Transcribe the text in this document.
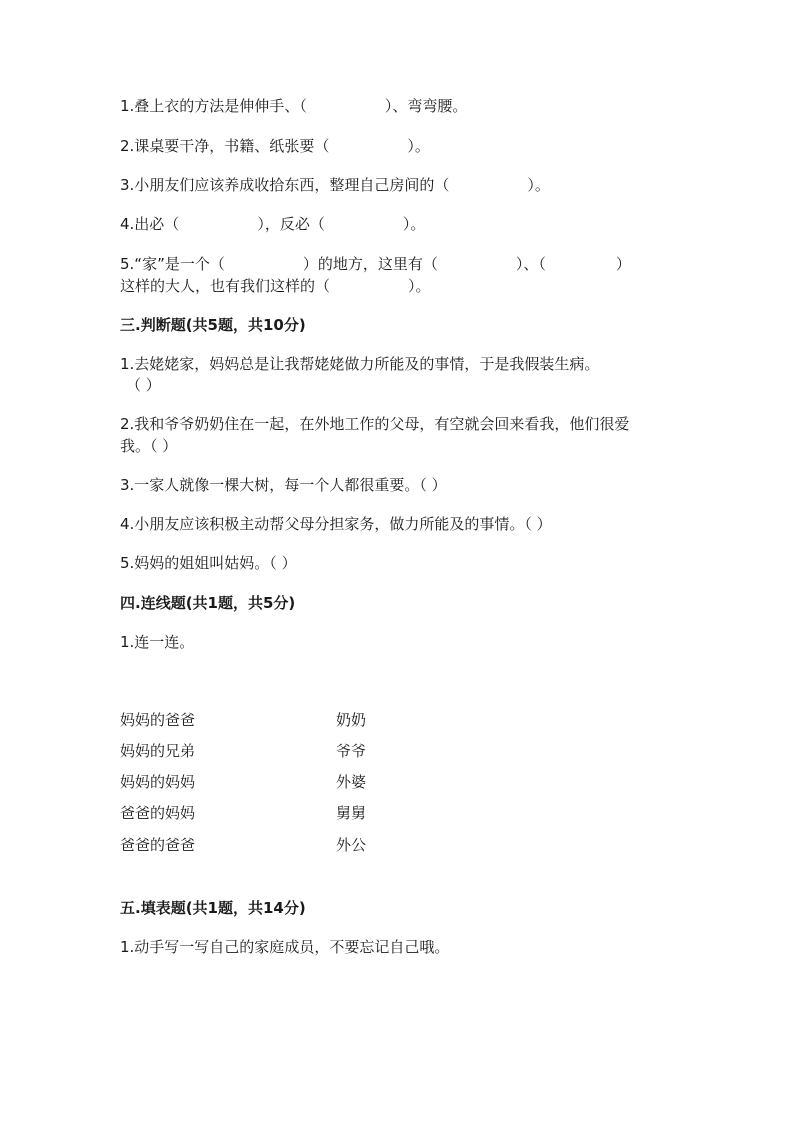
1.叠上衣的方法是伸伸手、（	）、弯弯腰。
2.课桌要干净，书籍、纸张要（	）。
3.小朋友们应该养成收拾东西，整理自己房间的（	）。
4.出必（	），反必（	）。
5.“家”是一个（	）的地方，这里有（	）、（	）
这样的大人，也有我们这样的（	）。
三.判断题(共5题，共10分)
1.去姥姥家，妈妈总是让我帮姥姥做力所能及的事情，于是我假装生病。
（ ）
2.我和爷爷奶奶住在一起，在外地工作的父母，有空就会回来看我，他们很爱
我。（ ）
3.一家人就像一棵大树，每一个人都很重要。（ ）
4.小朋友应该积极主动帮父母分担家务，做力所能及的事情。（ ）
5.妈妈的姐姐叫姑妈。（ ）
四.连线题(共1题，共5分)
1.连一连。
妈妈的爸爸	奶奶
妈妈的兄弟	爷爷
妈妈的妈妈	外婆
爸爸的妈妈	舅舅
爸爸的爸爸	外公
五.填表题(共1题，共14分)
1.动手写一写自己的家庭成员，不要忘记自己哦。
